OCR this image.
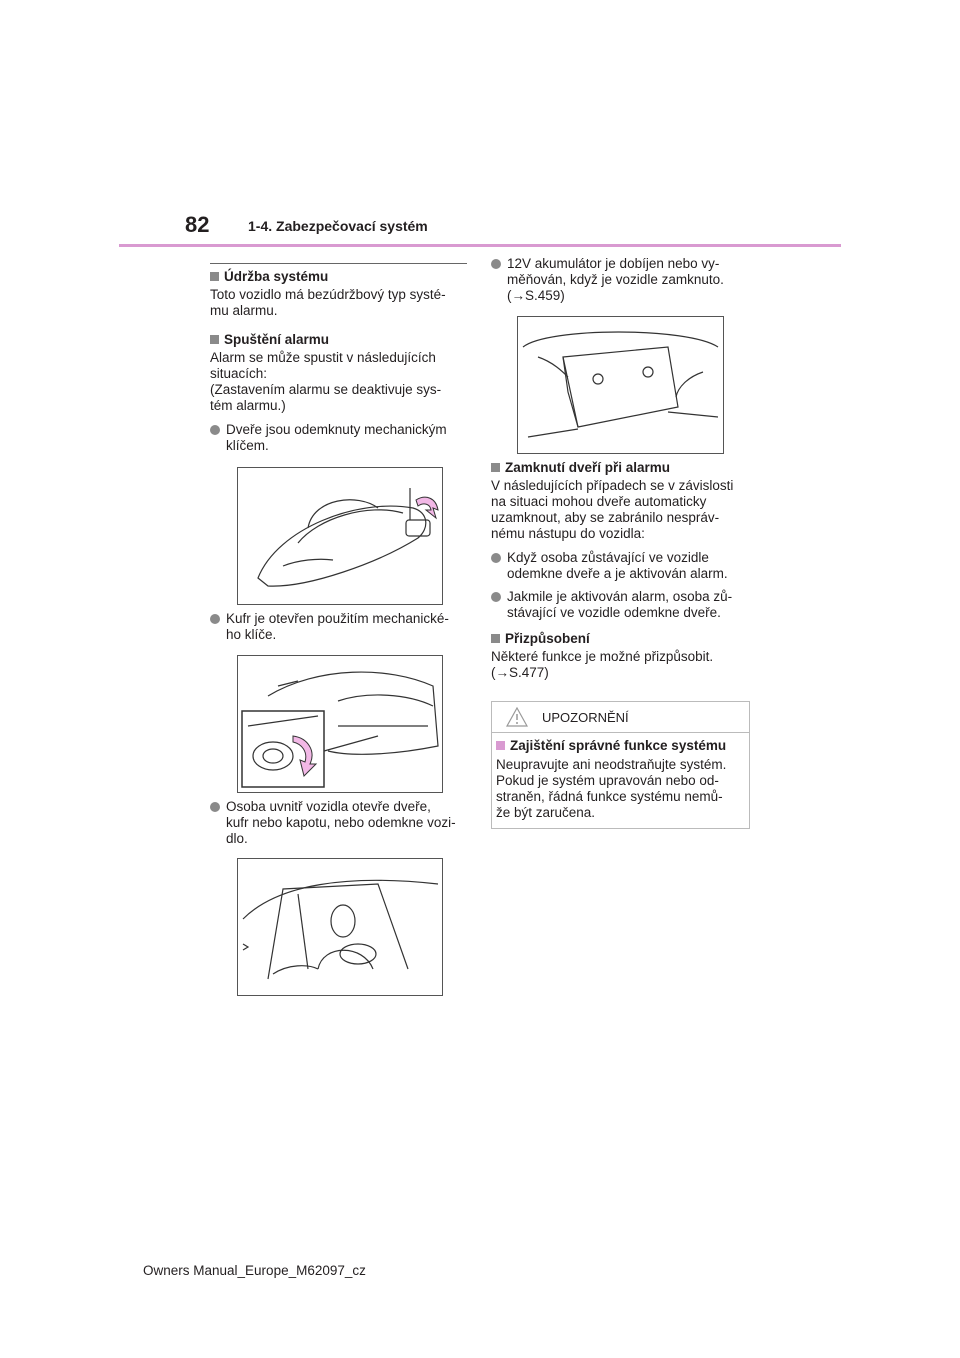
82	1-4. Zabezpečovací systém
Údržba systému
Toto vozidlo má bezúdržbový typ systé-
mu alarmu.
Spuštění alarmu
Alarm se může spustit v následujících
situacích:
(Zastavením alarmu se deaktivuje sys-
tém alarmu.)
Dveře jsou odemknuty mechanickým
klíčem.
Kufr je otevřen použitím mechanické-
ho klíče.
Osoba uvnitř vozidla otevře dveře,
kufr nebo kapotu, nebo odemkne vozi-
dlo.
12V akumulátor je dobíjen nebo vy-
měňován, když je vozidle zamknuto.
(→S.459)
Zamknutí dveří při alarmu
V následujících případech se v závislosti
na situaci mohou dveře automaticky
uzamknout, aby se zabránilo nespráv-
nému nástupu do vozidla:
Když osoba zůstávající ve vozidle
odemkne dveře a je aktivován alarm.
Jakmile je aktivován alarm, osoba zů-
stávající ve vozidle odemkne dveře.
Přizpůsobení
Některé funkce je možné přizpůsobit.
(→S.477)
UPOZORNĚNÍ
Zajištění správné funkce systému
Neupravujte ani neodstraňujte systém.
Pokud je systém upravován nebo od-
straněn, řádná funkce systému nemů-
že být zaručena.
Owners Manual_Europe_M62097_cz
